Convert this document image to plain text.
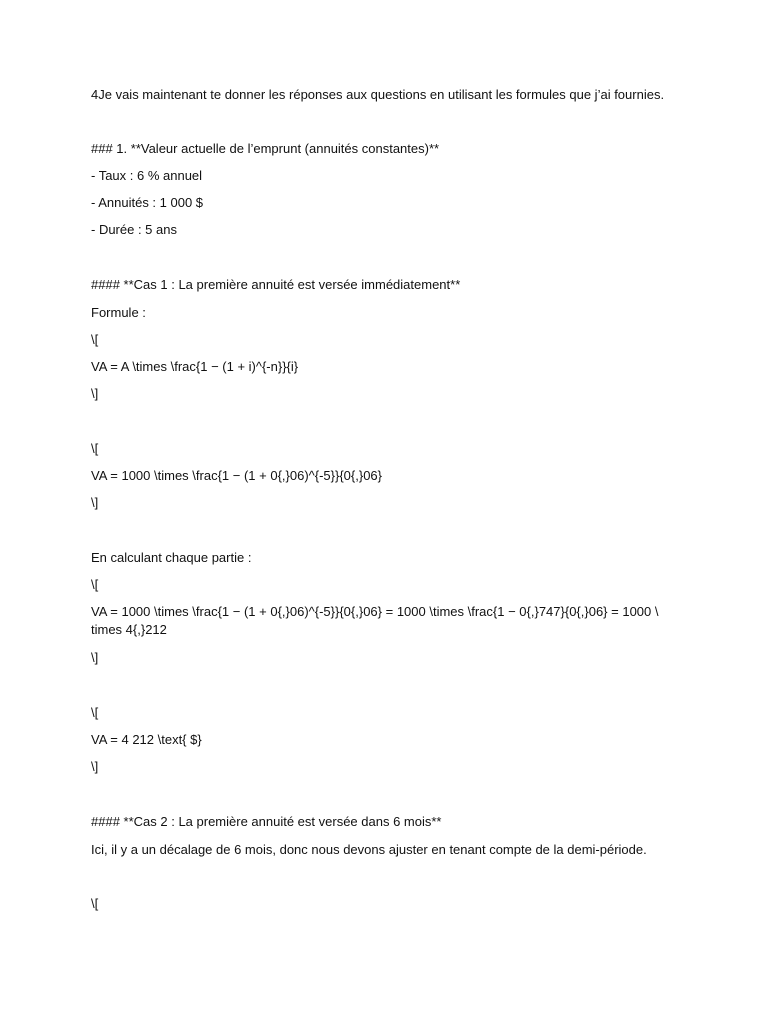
4Je vais maintenant te donner les réponses aux questions en utilisant les formules que j’ai fournies.
### 1. **Valeur actuelle de l’emprunt (annuités constantes)**
- Taux : 6 % annuel
- Annuités : 1 000 $
- Durée : 5 ans
#### **Cas 1 : La première annuité est versée immédiatement**
Formule :
\[
VA = A \times \frac{1 − (1 + i)^{-n}}{i}
\]
\[
VA = 1000 \times \frac{1 − (1 + 0{,}06)^{-5}}{0{,}06}
\]
En calculant chaque partie :
\[
VA = 1000 \times \frac{1 − (1 + 0{,}06)^{-5}}{0{,}06} = 1000 \times \frac{1 − 0{,}747}{0{,}06} = 1000 \ times 4{,}212
\]
\[
VA = 4 212 \text{ $}
\]
#### **Cas 2 : La première annuité est versée dans 6 mois**
Ici, il y a un décalage de 6 mois, donc nous devons ajuster en tenant compte de la demi-période.
\[
